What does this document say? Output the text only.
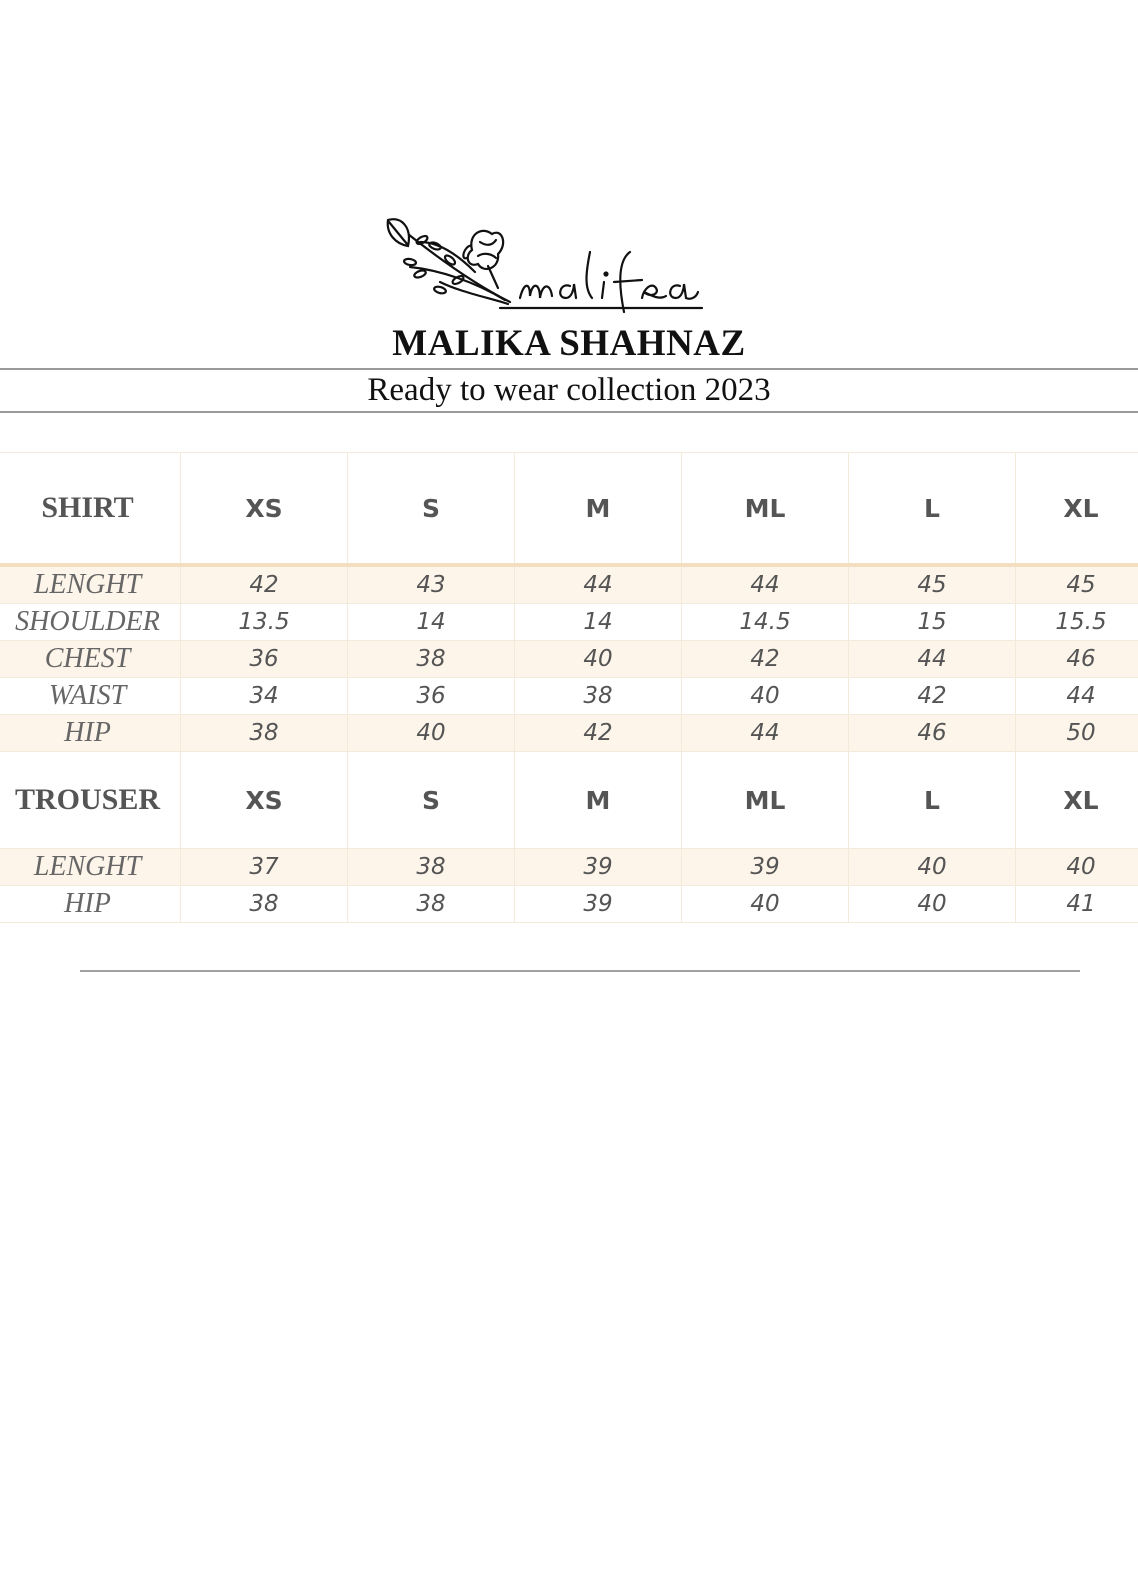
malika
MALIKA SHAHNAZ
Ready to wear collection 2023
SHIRT	XS	S	M	ML	L	XL
LENGHT	42	43	44	44	45	45
SHOULDER	13.5	14	14	14.5	15	15.5
CHEST	36	38	40	42	44	46
WAIST	34	36	38	40	42	44
HIP	38	40	42	44	46	50
TROUSER	XS	S	M	ML	L	XL
LENGHT	37	38	39	39	40	40
HIP	38	38	39	40	40	41
